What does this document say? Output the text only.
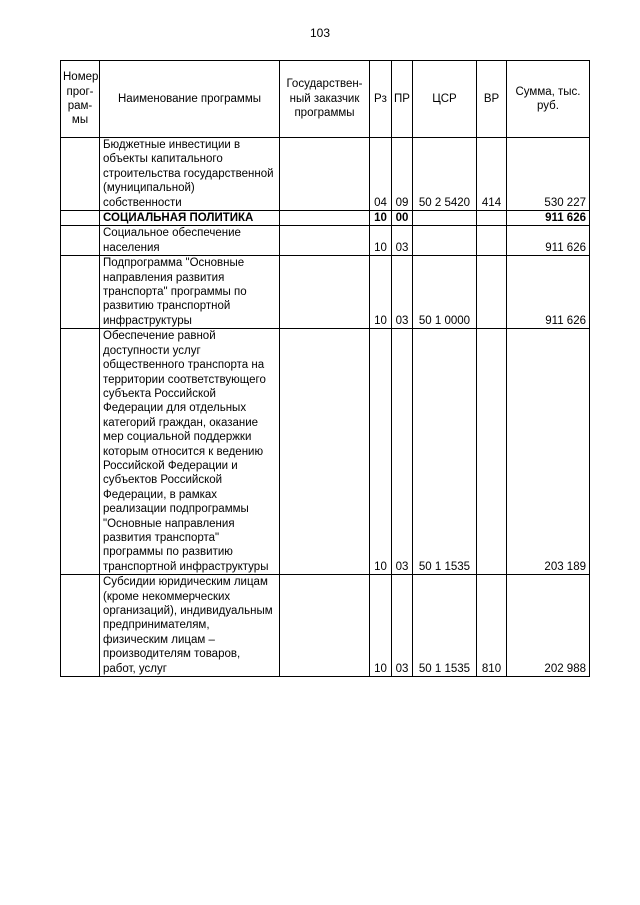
103
Номер прог- рам- мы	Наименование программы	Государствен- ный заказчик программы	Рз	ПР	ЦСР	ВР	Сумма, тыс. руб.
	Бюджетные инвестиции в объекты капитального строительства государственной (муниципальной) собственности		04	09	50 2 5420	414	530 227
	СОЦИАЛЬНАЯ ПОЛИТИКА		10	00			911 626
	Социальное обеспечение населения		10	03			911 626
	Подпрограмма "Основные направления развития транспорта" программы по развитию транспортной инфраструктуры		10	03	50 1 0000		911 626
	Обеспечение равной доступности услуг общественного транспорта на территории соответствующего субъекта Российской Федерации для отдельных категорий граждан, оказание мер социальной поддержки которым относится к ведению Российской Федерации и субъектов Российской Федерации, в рамках реализации подпрограммы "Основные направления развития транспорта" программы по развитию транспортной инфраструктуры		10	03	50 1 1535		203 189
	Субсидии юридическим лицам (кроме некоммерческих организаций), индивидуальным предпринимателям, физическим лицам – производителям товаров, работ, услуг		10	03	50 1 1535	810	202 988
